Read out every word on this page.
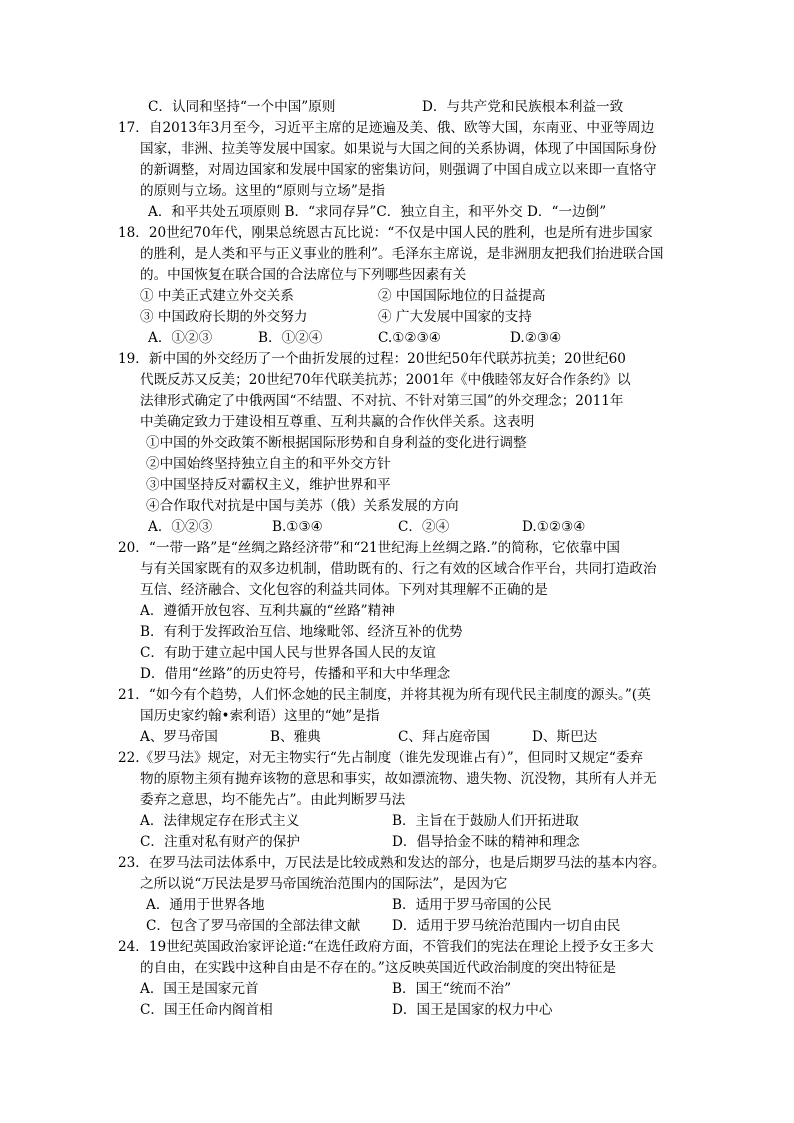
C．认同和坚持“一个中国”原则	D．与共产党和民族根本利益一致
17．自2013年3月至今，习近平主席的足迹遍及美、俄、欧等大国，东南亚、中亚等周边
国家，非洲、拉美等发展中国家。如果说与大国之间的关系协调，体现了中国国际身份
的新调整，对周边国家和发展中国家的密集访问，则强调了中国自成立以来即一直恪守
的原则与立场。这里的“原则与立场”是指
A．和平共处五项原则 B．“求同存异”C．独立自主，和平外交 D．“一边倒”
18．20世纪70年代，刚果总统恩古瓦比说：“不仅是中国人民的胜利，也是所有进步国家
的胜利，是人类和平与正义事业的胜利”。毛泽东主席说，是非洲朋友把我们抬进联合国
的。中国恢复在联合国的合法席位与下列哪些因素有关
① 中美正式建立外交关系	② 中国国际地位的日益提高
③ 中国政府长期的外交努力	④ 广大发展中国家的支持
A．①②③	B．①②④	C.①②③④	D.②③④
19．新中国的外交经历了一个曲折发展的过程：20世纪50年代联苏抗美；20世纪60
代既反苏又反美；20世纪70年代联美抗苏；2001年《中俄睦邻友好合作条约》以
法律形式确定了中俄两国“不结盟、不对抗、不针对第三国”的外交理念；2011年
中美确定致力于建设相互尊重、互利共赢的合作伙伴关系。这表明
①中国的外交政策不断根据国际形势和自身利益的变化进行调整
②中国始终坚持独立自主的和平外交方针
③中国坚持反对霸权主义，维护世界和平
④合作取代对抗是中国与美苏（俄）关系发展的方向
A．①②③	B.①③④	C．②④	D.①②③④
20．“一带一路”是“丝绸之路经济带”和“21世纪海上丝绸之路.”的简称，它依靠中国
与有关国家既有的双多边机制，借助既有的、行之有效的区域合作平台，共同打造政治
互信、经济融合、文化包容的利益共同体。下列对其理解不正确的是
A．遵循开放包容、互利共赢的“丝路”精神
B．有利于发挥政治互信、地缘毗邻、经济互补的优势
C．有助于建立起中国人民与世界各国人民的友谊
D．借用“丝路”的历史符号，传播和平和大中华理念
21．“如今有个趋势，人们怀念她的民主制度，并将其视为所有现代民主制度的源头。”(英
国历史家约翰•索利语）这里的“她”是指
A、罗马帝国	B、雅典	C、拜占庭帝国	D、斯巴达
22.《罗马法》规定，对无主物实行“先占制度（谁先发现谁占有）”，但同时又规定“委弃
物的原物主须有抛弃该物的意思和事实，故如漂流物、遗失物、沉没物，其所有人并无
委弃之意思，均不能先占”。由此判断罗马法
A．法律规定存在形式主义	B．主旨在于鼓励人们开拓进取
C．注重对私有财产的保护	D．倡导拾金不昧的精神和理念
23．在罗马法司法体系中，万民法是比较成熟和发达的部分，也是后期罗马法的基本内容。
之所以说“万民法是罗马帝国统治范围内的国际法”，是因为它
A．通用于世界各地	B．适用于罗马帝国的公民
C．包含了罗马帝国的全部法律文献 D．适用于罗马统治范围内一切自由民
24．19世纪英国政治家评论道:“在选任政府方面，不管我们的宪法在理论上授予女王多大
的自由，在实践中这种自由是不存在的。”这反映英国近代政治制度的突出特征是
A．国王是国家元首	B．国王“统而不治”
C．国王任命内阁首相	D．国王是国家的权力中心
